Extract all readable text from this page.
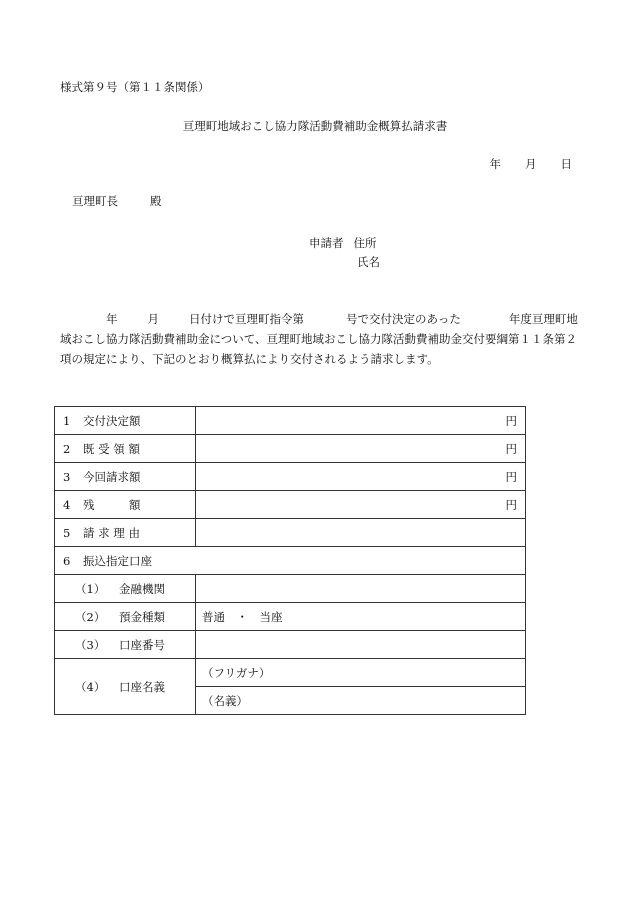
様式第９号（第１１条関係）
亘理町地域おこし協力隊活動費補助金概算払請求書
年 月 日
亘理町長	殿
申請者 住所
氏名
年	月	日付けで亘理町指令第	号で交付決定のあった	年度亘理町地域おこし協力隊活動費補助金について、亘理町地域おこし協力隊活動費補助金交付要綱第１１条第２項の規定により、下記のとおり概算払により交付されるよう請求します。
1 交付決定額	円
2 既 受 領 額	円
3 今回請求額	円
4 残　　　額	円
5 請 求 理 由	
6 振込指定口座	
（1） 金融機関	
（2） 預金種類	普通　・　当座
（3） 口座番号	
（4） 口座名義	（フリガナ）
	（名義）
